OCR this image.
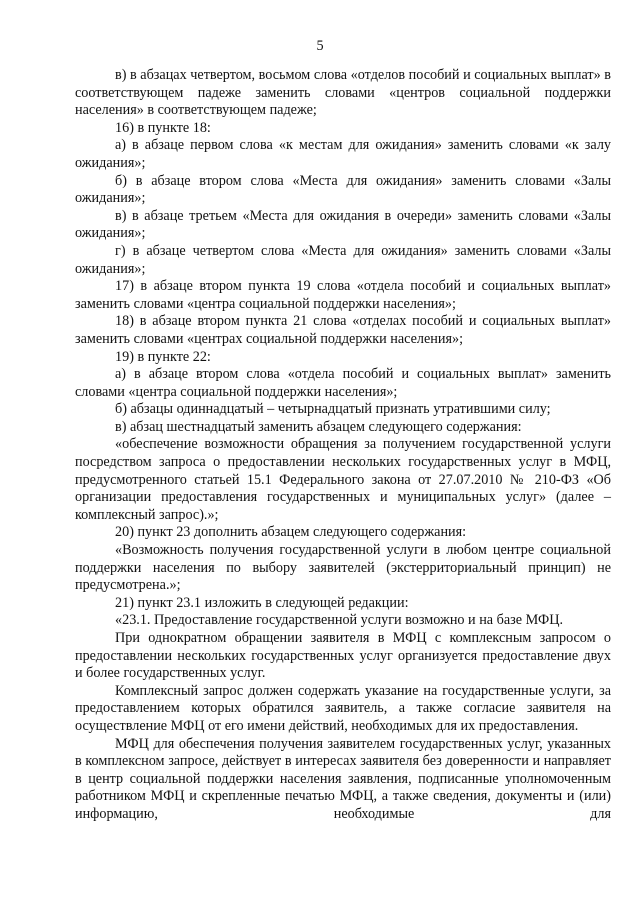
5
в) в абзацах четвертом, восьмом слова «отделов пособий и социальных выплат» в соответствующем падеже заменить словами «центров социальной поддержки населения» в соответствующем падеже;
16) в пункте 18:
а) в абзаце первом слова «к местам для ожидания» заменить словами «к залу ожидания»;
б) в абзаце втором слова «Места для ожидания» заменить словами «Залы ожидания»;
в) в абзаце третьем «Места для ожидания в очереди» заменить словами «Залы ожидания»;
г) в абзаце четвертом слова «Места для ожидания» заменить словами «Залы ожидания»;
17) в абзаце втором пункта 19 слова «отдела пособий и социальных выплат» заменить словами «центра социальной поддержки населения»;
18) в абзаце втором пункта 21 слова «отделах пособий и социальных выплат» заменить словами «центрах социальной поддержки населения»;
19) в пункте 22:
а) в абзаце втором слова «отдела пособий и социальных выплат» заменить словами «центра социальной поддержки населения»;
б) абзацы одиннадцатый – четырнадцатый признать утратившими силу;
в) абзац шестнадцатый заменить абзацем следующего содержания:
«обеспечение возможности обращения за получением государственной услуги посредством запроса о предоставлении нескольких государственных услуг в МФЦ, предусмотренного статьей 15.1 Федерального закона от 27.07.2010 № 210-ФЗ «Об организации предоставления государственных и муниципальных услуг» (далее – комплексный запрос).»;
20) пункт 23 дополнить абзацем следующего содержания:
«Возможность получения государственной услуги в любом центре социальной поддержки населения по выбору заявителей (экстерриториальный принцип) не предусмотрена.»;
21) пункт 23.1 изложить в следующей редакции:
«23.1. Предоставление государственной услуги возможно и на базе МФЦ.
При однократном обращении заявителя в МФЦ с комплексным запросом о предоставлении нескольких государственных услуг организуется предоставление двух и более государственных услуг.
Комплексный запрос должен содержать указание на государственные услуги, за предоставлением которых обратился заявитель, а также согласие заявителя на осуществление МФЦ от его имени действий, необходимых для их предоставления.
МФЦ для обеспечения получения заявителем государственных услуг, указанных в комплексном запросе, действует в интересах заявителя без доверенности и направляет в центр социальной поддержки населения заявления, подписанные уполномоченным работником МФЦ и скрепленные печатью МФЦ, а также сведения, документы и (или) информацию, необходимые для
